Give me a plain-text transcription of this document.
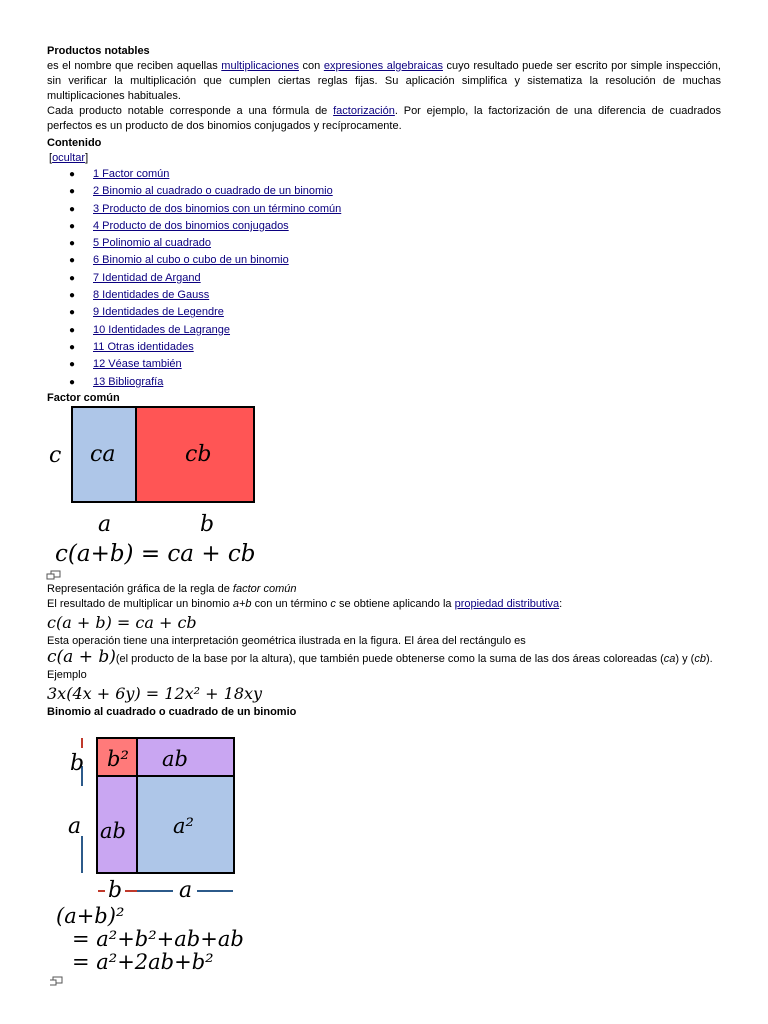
Productos notables

es el nombre que reciben aquellas multiplicaciones con expresiones algebraicas cuyo resultado puede ser escrito por simple inspección, sin verificar la multiplicación que cumplen ciertas reglas fijas. Su aplicación simplifica y sistematiza la resolución de muchas multiplicaciones habituales.

Cada producto notable corresponde a una fórmula de factorización. Por ejemplo, la factorización de una diferencia de cuadrados perfectos es un producto de dos binomios conjugados y recíprocamente.

Contenido
[ocultar]
● 1 Factor común
● 2 Binomio al cuadrado o cuadrado de un binomio
● 3 Producto de dos binomios con un término común
● 4 Producto de dos binomios conjugados
● 5 Polinomio al cuadrado
● 6 Binomio al cubo o cubo de un binomio
● 7 Identidad de Argand
● 8 Identidades de Gauss
● 9 Identidades de Legendre
● 10 Identidades de Lagrange
● 11 Otras identidades
● 12 Véase también
● 13 Bibliografía
Factor común
c ca	cb
a	b
c(a+b) = ca + cb
Representación gráfica de la regla de factor común
El resultado de multiplicar un binomio a+b con un término c se obtiene aplicando la propiedad distributiva:
c(a + b) = ca + cb
Esta operación tiene una interpretación geométrica ilustrada en la figura. El área del rectángulo es
c(a + b)(el producto de la base por la altura), que también puede obtenerse como la suma de las dos áreas coloreadas (ca) y (cb).
Ejemplo
3x(4x + 6y) = 12x² + 18xy
Binomio al cuadrado o cuadrado de un binomio
b
a
b² ab
ab a²
b	a
(a+b)²
= a²+b²+ab+ab
= a²+2ab+b²
